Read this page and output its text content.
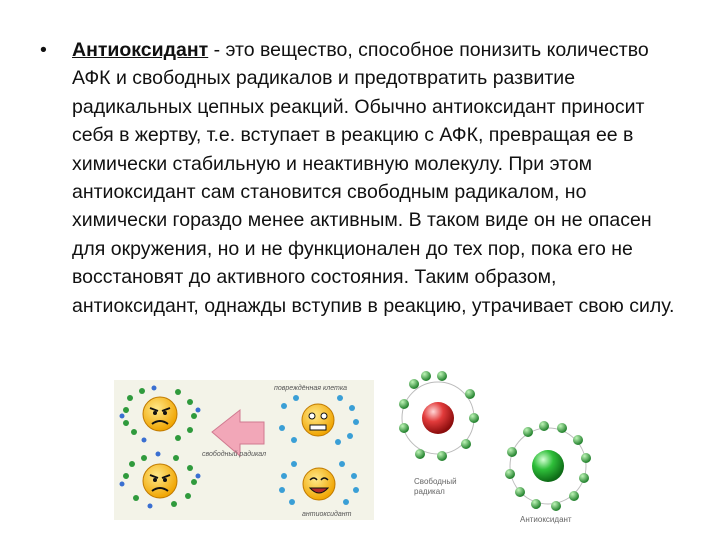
•	Антиоксидант - это вещество, способное понизить количество АФК и свободных радикалов и предотвратить развитие радикальных цепных реакций. Обычно антиоксидант приносит себя в жертву, т.е. вступает в реакцию с АФК, превращая ее в химически стабильную и неактивную молекулу. При этом антиоксидант сам становится свободным радикалом, но химически гораздо менее активным. В таком виде он не опасен для окружения, но и не функционален до тех пор, пока его не восстановят до активного состояния. Таким образом, антиоксидант, однажды вступив в реакцию, утрачивает свою силу.
повреждённая клетка
свободный радикал
антиоксидант
Свободный
радикал
Антиоксидант
